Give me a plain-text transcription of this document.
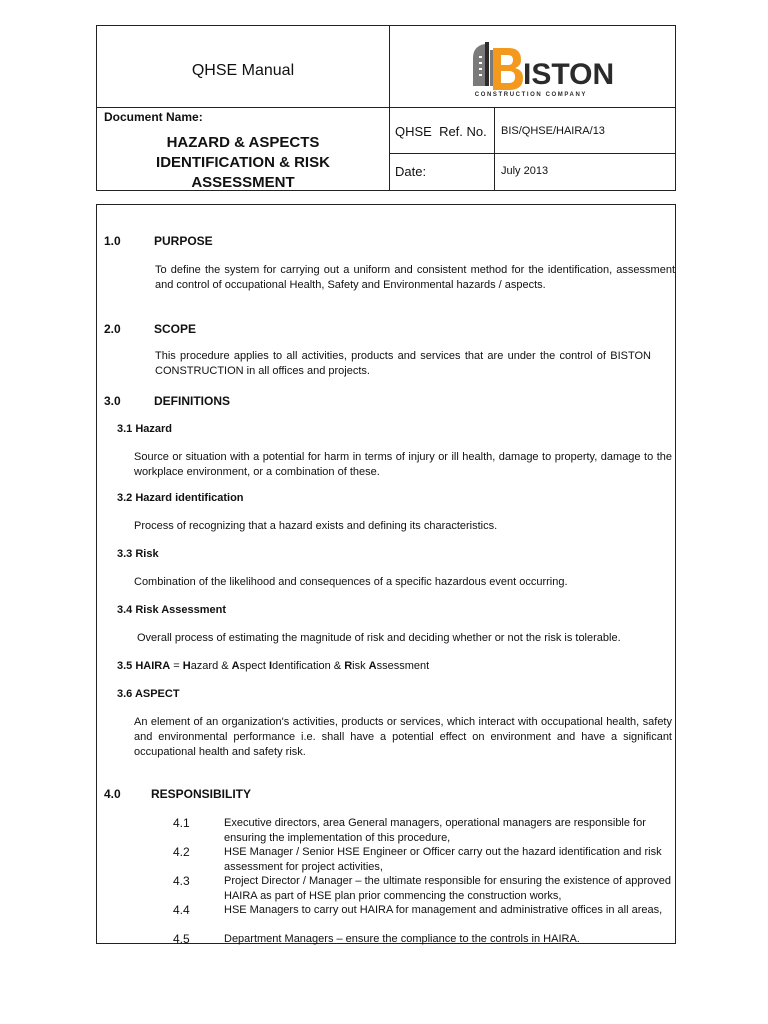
QHSE Manual	ISTON
CONSTRUCTION COMPANY
Document Name:
HAZARD & ASPECTS
IDENTIFICATION & RISK
ASSESSMENT
QHSE  Ref. No. BIS/QHSE/HAIRA/13
Date:	July 2013
1.0	PURPOSE
To define the system for carrying out a uniform and consistent method for the identification, assessment and control of occupational Health, Safety and Environmental hazards / aspects.
2.0	SCOPE
This procedure applies to all activities, products and services that are under the control of BISTON CONSTRUCTION in all offices and projects.
3.0	DEFINITIONS
3.1 Hazard
Source or situation with a potential for harm in terms of injury or ill health, damage to property, damage to the workplace environment, or a combination of these.
3.2 Hazard identification
Process of recognizing that a hazard exists and defining its characteristics.
3.3 Risk
Combination of the likelihood and consequences of a specific hazardous event occurring.
3.4 Risk Assessment
Overall process of estimating the magnitude of risk and deciding whether or not the risk is tolerable.
3.5 HAIRA = Hazard & Aspect Identification & Risk Assessment
3.6 ASPECT
An element of an organization's activities, products or services, which interact with occupational health, safety and environmental performance i.e. shall have a potential effect on environment and have a significant occupational health and safety risk.
4.0	RESPONSIBILITY
4.1	Executive directors, area General managers, operational managers are responsible for ensuring the implementation of this procedure,
4.2	HSE Manager / Senior HSE Engineer or Officer carry out the hazard identification and risk assessment for project activities,
4.3	Project Director / Manager – the ultimate responsible for ensuring the existence of approved HAIRA as part of HSE plan prior commencing the construction works,
4.4	HSE Managers to carry out HAIRA for management and administrative offices in all areas,
4.5	Department Managers – ensure the compliance to the controls in HAIRA.
